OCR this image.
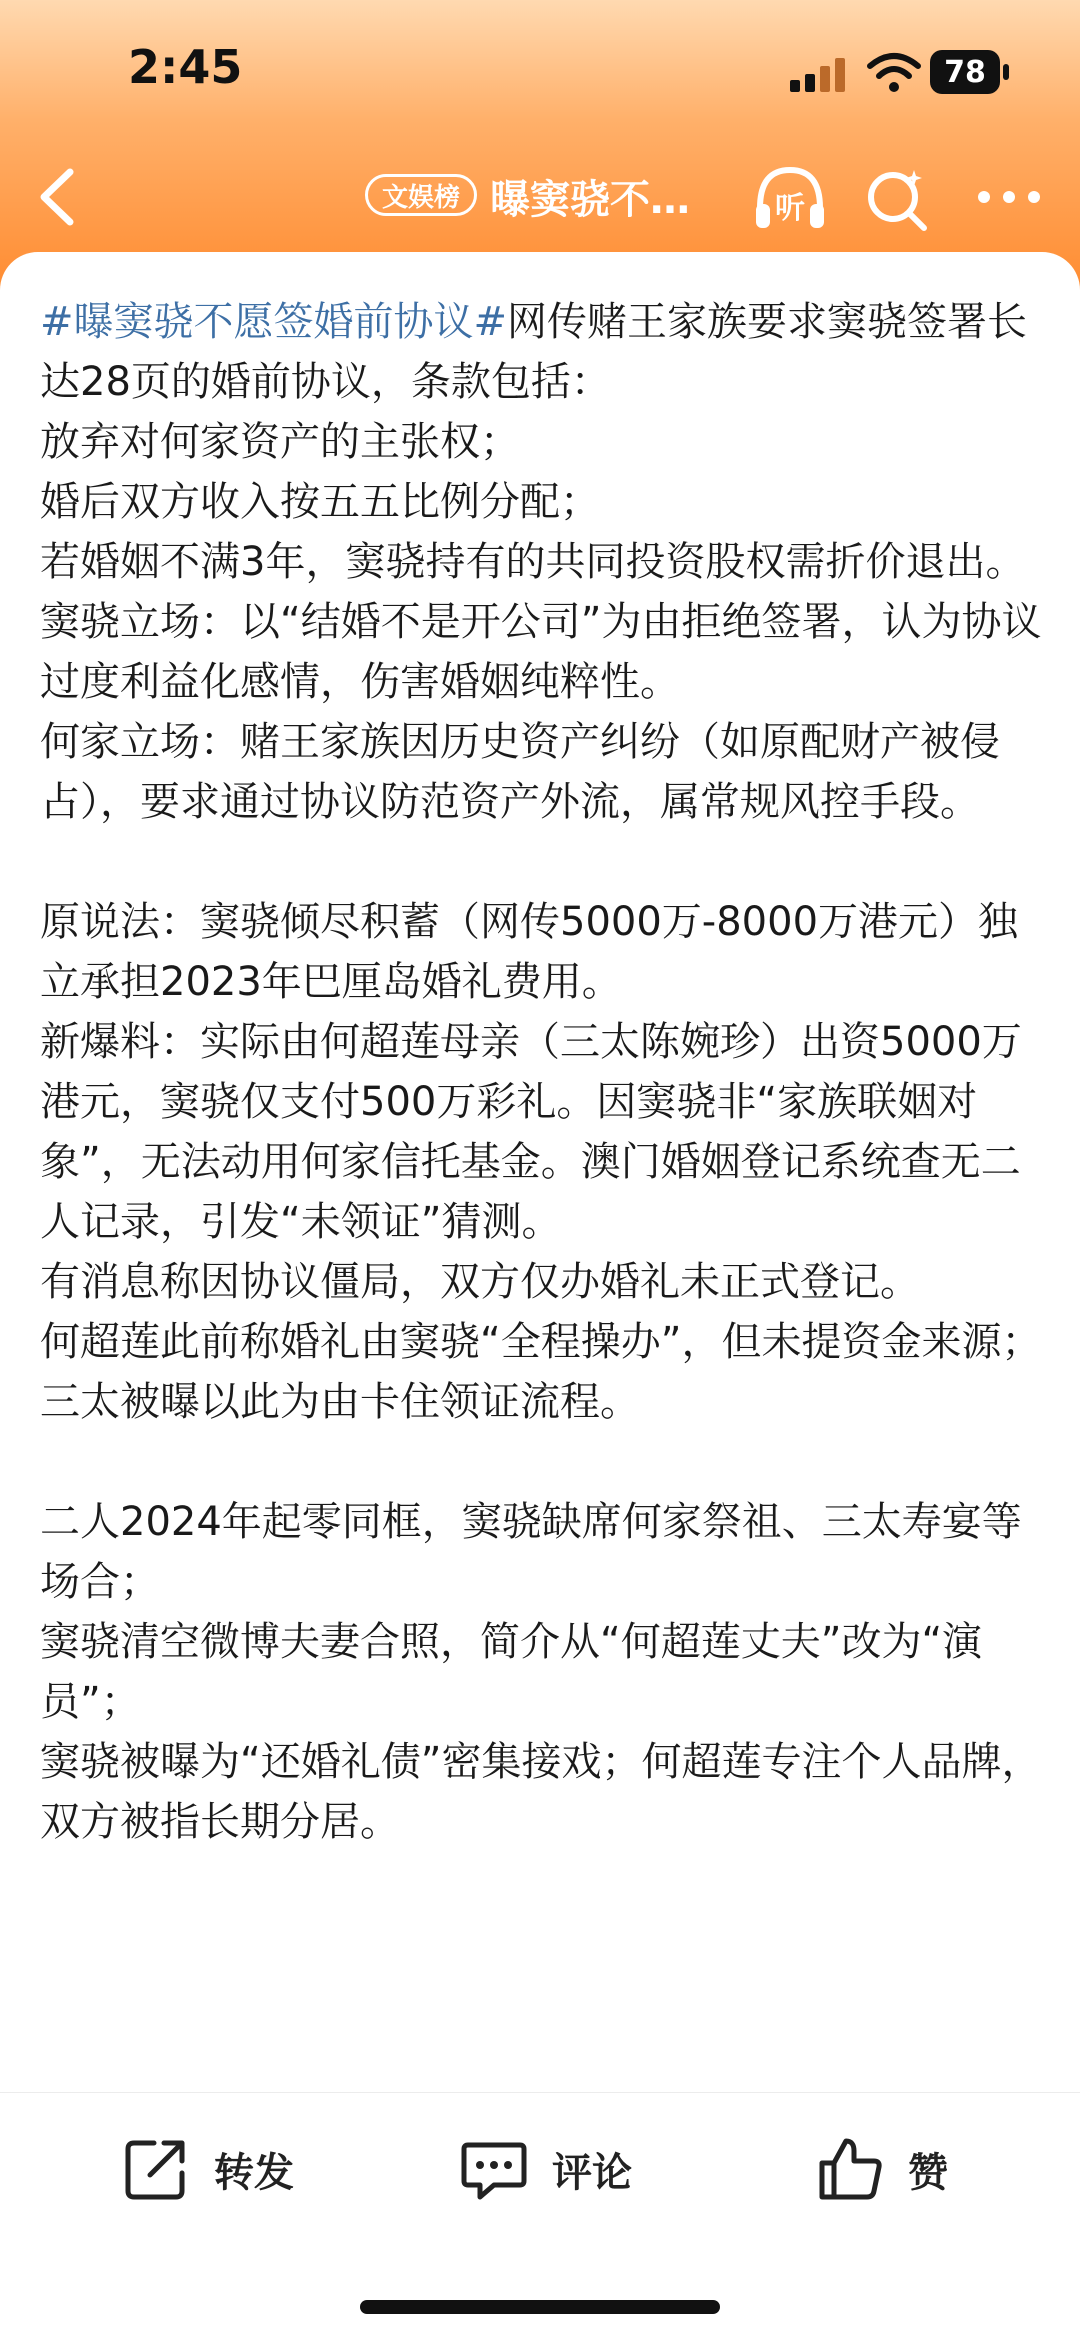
2:45	78
文娱榜 曝窦骁不…	听

#曝窦骁不愿签婚前协议#网传赌王家族要求窦骁签署长达28页的婚前协议，条款包括：

放弃对何家资产的主张权；

婚后双方收入按五五比例分配；

若婚姻不满3年，窦骁持有的共同投资股权需折价退出。

窦骁立场：以“结婚不是开公司”为由拒绝签署，认为协议过度利益化感情，伤害婚姻纯粹性。

何家立场：赌王家族因历史资产纠纷（如原配财产被侵占），要求通过协议防范资产外流，属常规风控手段。

原说法：窦骁倾尽积蓄（网传5000万-8000万港元）独立承担2023年巴厘岛婚礼费用。

新爆料：实际由何超莲母亲（三太陈婉珍）出资5000万港元，窦骁仅支付500万彩礼。因窦骁非“家族联姻对象”，无法动用何家信托基金。澳门婚姻登记系统查无二人记录，引发“未领证”猜测。

有消息称因协议僵局，双方仅办婚礼未正式登记。

何超莲此前称婚礼由窦骁“全程操办”，但未提资金来源；三太被曝以此为由卡住领证流程。

二人2024年起零同框，窦骁缺席何家祭祖、三太寿宴等场合；

窦骁清空微博夫妻合照，简介从“何超莲丈夫”改为“演员”；

窦骁被曝为“还婚礼债”密集接戏；何超莲专注个人品牌，双方被指长期分居。

转发	评论	赞
